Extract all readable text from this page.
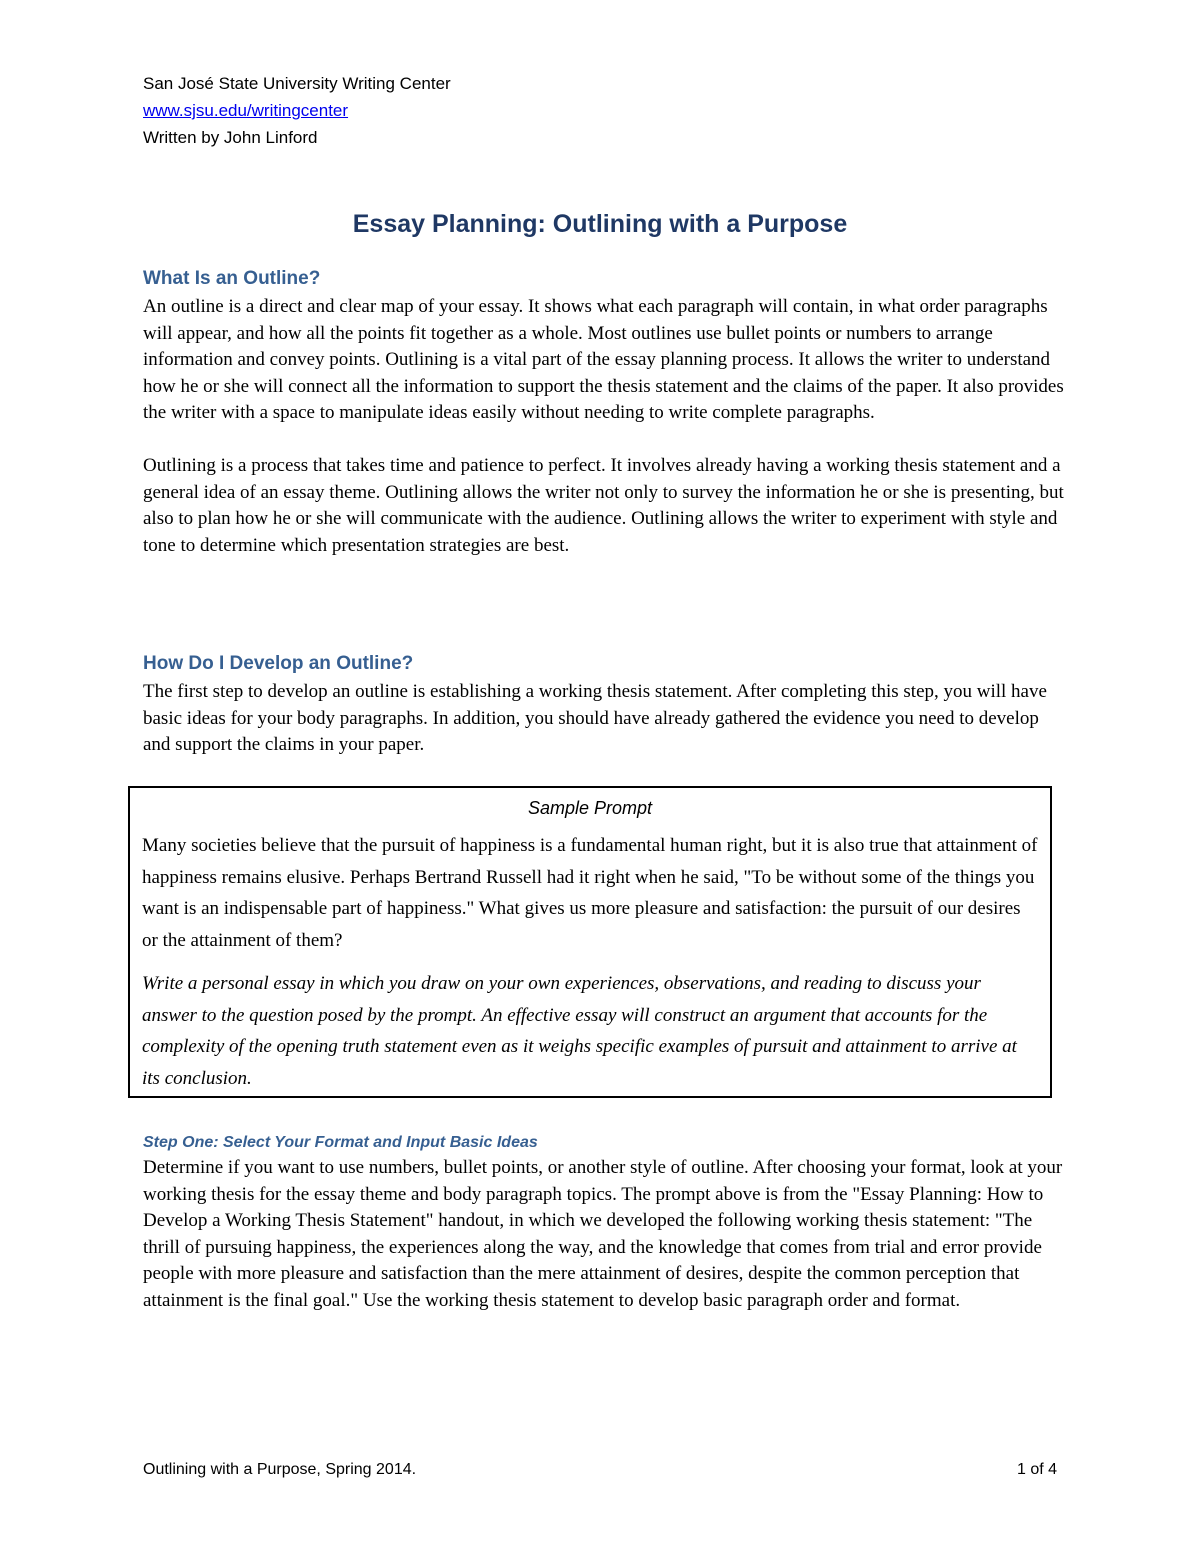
San José State University Writing Center
www.sjsu.edu/writingcenter
Written by John Linford
Essay Planning: Outlining with a Purpose
What Is an Outline?

An outline is a direct and clear map of your essay. It shows what each paragraph will contain, in what order paragraphs will appear, and how all the points fit together as a whole. Most outlines use bullet points or numbers to arrange information and convey points. Outlining is a vital part of the essay planning process. It allows the writer to understand how he or she will connect all the information to support the thesis statement and the claims of the paper. It also provides the writer with a space to manipulate ideas easily without needing to write complete paragraphs.

Outlining is a process that takes time and patience to perfect. It involves already having a working thesis statement and a general idea of an essay theme. Outlining allows the writer not only to survey the information he or she is presenting, but also to plan how he or she will communicate with the audience. Outlining allows the writer to experiment with style and tone to determine which presentation strategies are best.

How Do I Develop an Outline?

The first step to develop an outline is establishing a working thesis statement. After completing this step, you will have basic ideas for your body paragraphs. In addition, you should have already gathered the evidence you need to develop and support the claims in your paper.

Sample Prompt

Many societies believe that the pursuit of happiness is a fundamental human right, but it is also true that attainment of happiness remains elusive. Perhaps Bertrand Russell had it right when he said, "To be without some of the things you want is an indispensable part of happiness." What gives us more pleasure and satisfaction: the pursuit of our desires or the attainment of them?

Write a personal essay in which you draw on your own experiences, observations, and reading to discuss your answer to the question posed by the prompt. An effective essay will construct an argument that accounts for the complexity of the opening truth statement even as it weighs specific examples of pursuit and attainment to arrive at its conclusion.

Step One: Select Your Format and Input Basic Ideas

Determine if you want to use numbers, bullet points, or another style of outline. After choosing your format, look at your working thesis for the essay theme and body paragraph topics. The prompt above is from the "Essay Planning: How to Develop a Working Thesis Statement" handout, in which we developed the following working thesis statement: "The thrill of pursuing happiness, the experiences along the way, and the knowledge that comes from trial and error provide people with more pleasure and satisfaction than the mere attainment of desires, despite the common perception that attainment is the final goal." Use the working thesis statement to develop basic paragraph order and format.

Outlining with a Purpose, Spring 2014.	1 of 4
